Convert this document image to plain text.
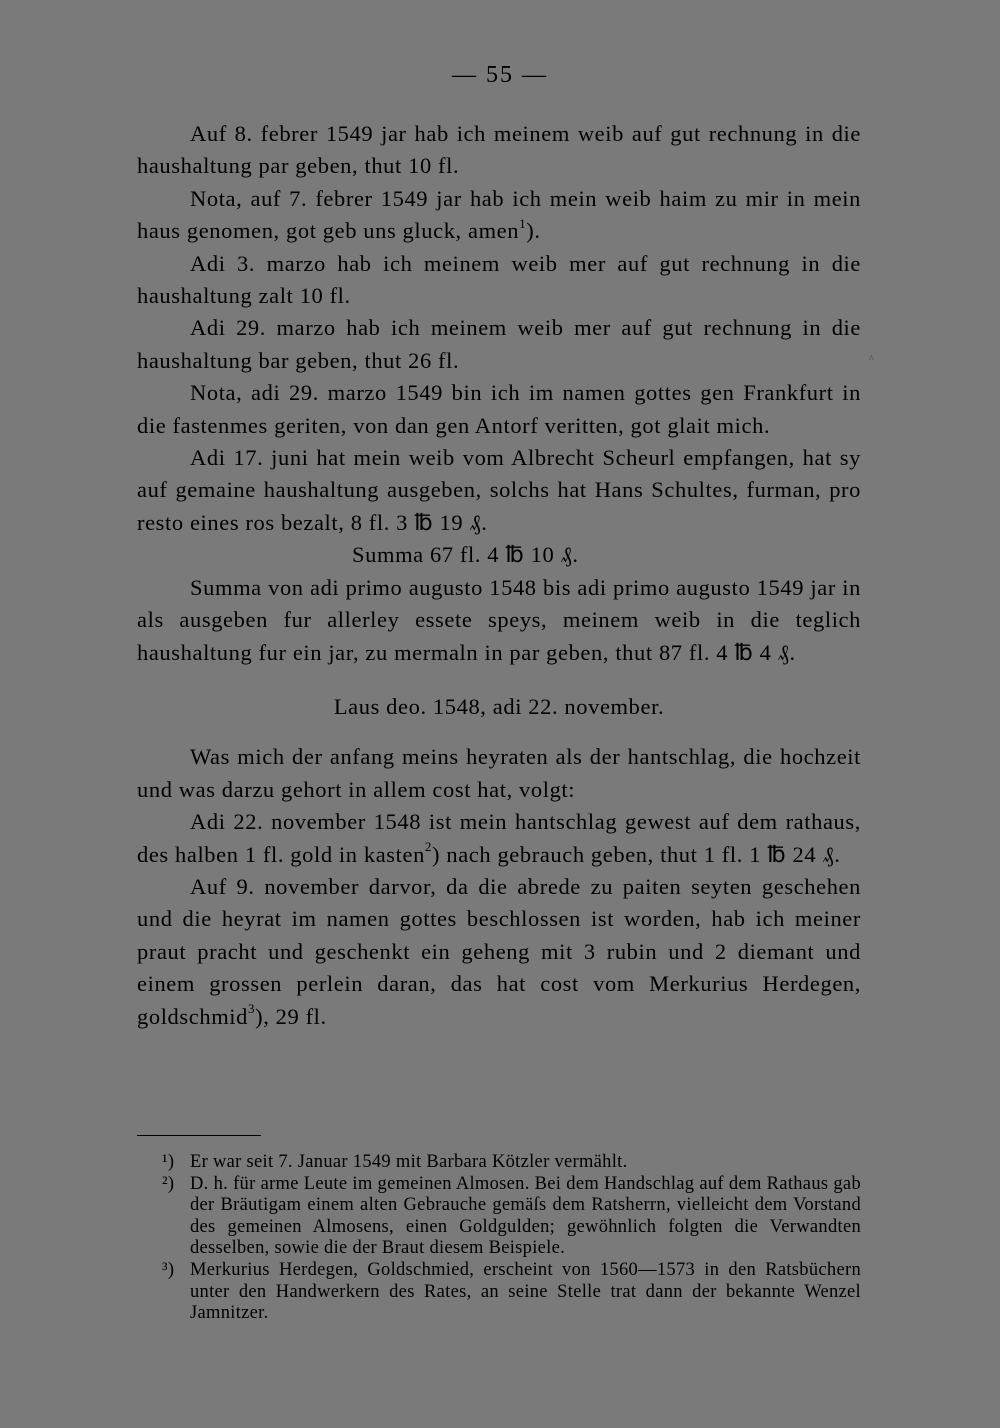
— 55 —
^

Auf 8. febrer 1549 jar hab ich meinem weib auf gut rechnung in die haushaltung par geben, thut 10 fl.

Nota, auf 7. febrer 1549 jar hab ich mein weib haim zu mir in mein haus genomen, got geb uns gluck, amen$^1$).

Adi 3. marzo hab ich meinem weib mer auf gut rechnung in die haushaltung zalt 10 fl.

Adi 29. marzo hab ich meinem weib mer auf gut rechnung in die haushaltung bar geben, thut 26 fl.

Nota, adi 29. marzo 1549 bin ich im namen gottes gen Frankfurt in die fastenmes geriten, von dan gen Antorf veritten, got glait mich.

Adi 17. juni hat mein weib vom Albrecht Scheurl empfangen, hat sy auf gemaine haushaltung ausgeben, solchs hat Hans Schultes, furman, pro resto eines ros bezalt, 8 fl. 3 ℔ 19 ₰.

Summa 67 fl. 4 ℔ 10 ₰.

Summa von adi primo augusto 1548 bis adi primo augusto 1549 jar in als ausgeben fur allerley essete speys, meinem weib in die teglich haushaltung fur ein jar, zu mermaln in par geben, thut 87 fl. 4 ℔ 4 ₰.

Laus deo. 1548, adi 22. november.

Was mich der anfang meins heyraten als der hantschlag, die hochzeit und was darzu gehort in allem cost hat, volgt:

Adi 22. november 1548 ist mein hantschlag gewest auf dem rathaus, des halben 1 fl. gold in kasten$^2$) nach gebrauch geben, thut 1 fl. 1 ℔ 24 ₰.

Auf 9. november darvor, da die abrede zu paiten seyten geschehen und die heyrat im namen gottes beschlossen ist worden, hab ich meiner praut pracht und geschenkt ein geheng mit 3 rubin und 2 diemant und einem grossen perlein daran, das hat cost vom Merkurius Herdegen, goldschmid$^3$), 29 fl.

¹) Er war seit 7. Januar 1549 mit Barbara Kötzler vermählt.

²) D. h. für arme Leute im gemeinen Almosen. Bei dem Handschlag auf dem Rathaus gab der Bräutigam einem alten Gebrauche gemäſs dem Ratsherrn, vielleicht dem Vorstand des gemeinen Almosens, einen Goldgulden; gewöhnlich folgten die Verwandten desselben, sowie die der Braut diesem Beispiele.

³) Merkurius Herdegen, Goldschmied, erscheint von 1560—1573 in den Ratsbüchern unter den Handwerkern des Rates, an seine Stelle trat dann der bekannte Wenzel Jamnitzer.
